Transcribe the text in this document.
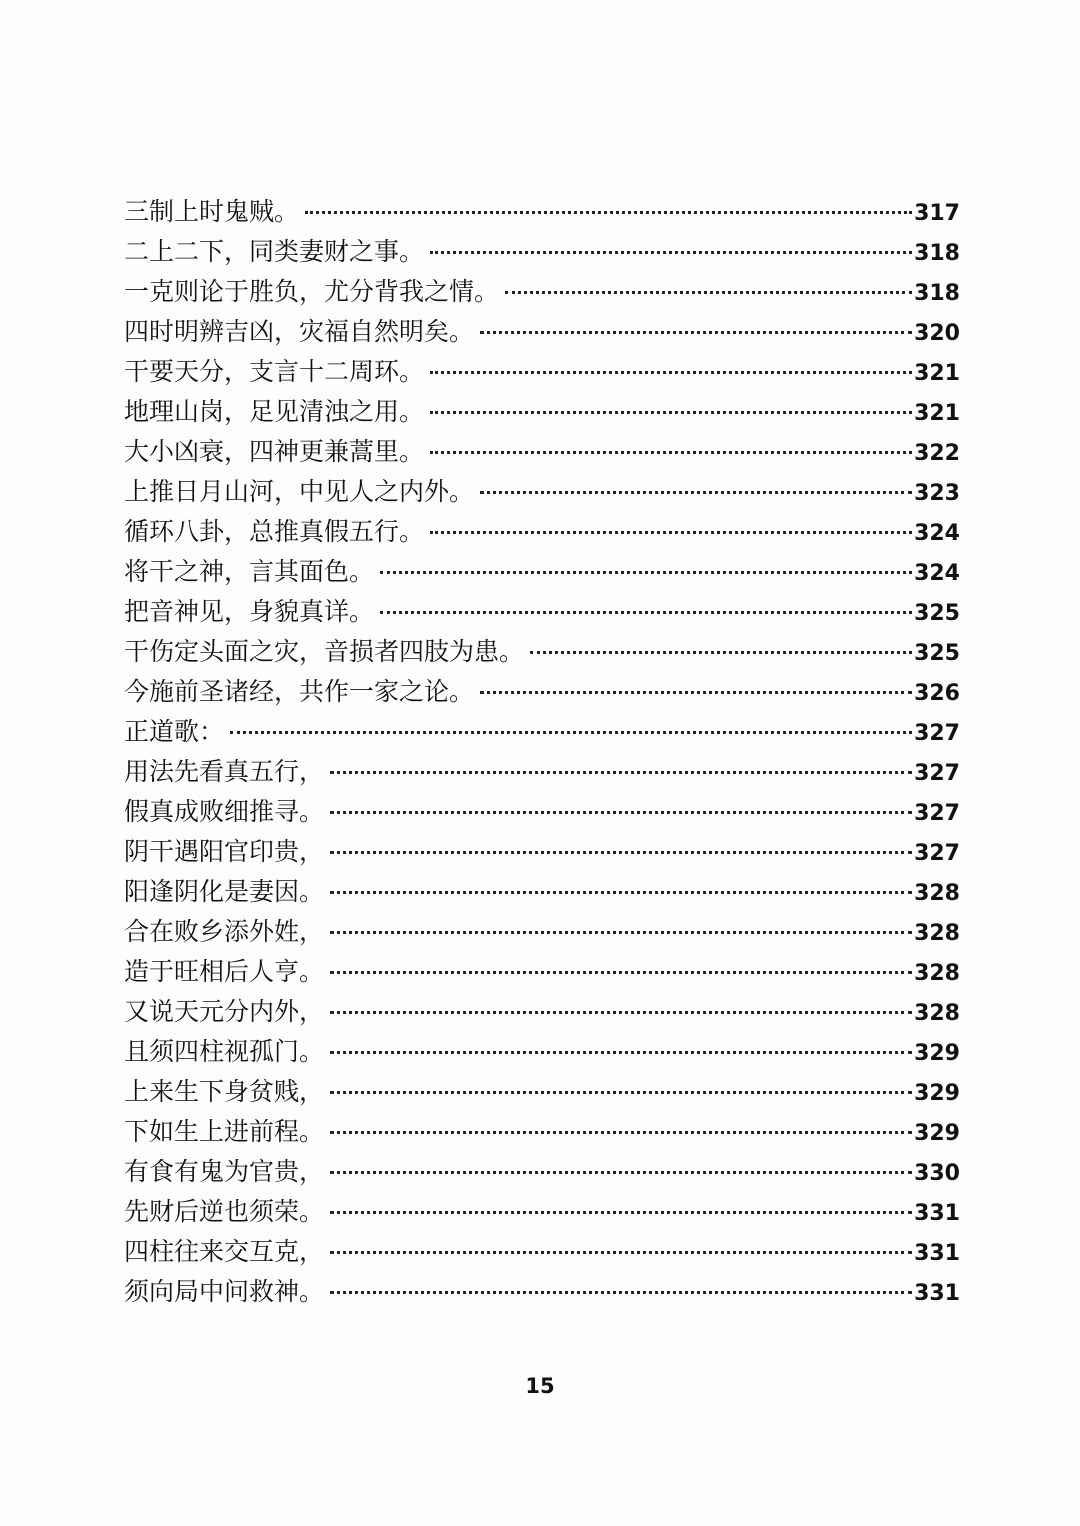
三制上时鬼贼。	317
二上二下，同类妻财之事。	318
一克则论于胜负，尤分背我之情。	318
四时明辨吉凶，灾福自然明矣。	320
干要天分，支言十二周环。	321
地理山岗，足见清浊之用。	321
大小凶衰，四神更兼蒿里。	322
上推日月山河，中见人之内外。	323
循环八卦，总推真假五行。	324
将干之神，言其面色。	324
把音神见，身貌真详。	325
干伤定头面之灾，音损者四肢为患。	325
今施前圣诸经，共作一家之论。	326
正道歌：	327
用法先看真五行，	327
假真成败细推寻。	327
阴干遇阳官印贵，	327
阳逢阴化是妻因。	328
合在败乡添外姓，	328
造于旺相后人亨。	328
又说天元分内外，	328
且须四柱视孤门。	329
上来生下身贫贱，	329
下如生上进前程。	329
有食有鬼为官贵，	330
先财后逆也须荣。	331
四柱往来交互克，	331
须向局中问救神。	331
15
